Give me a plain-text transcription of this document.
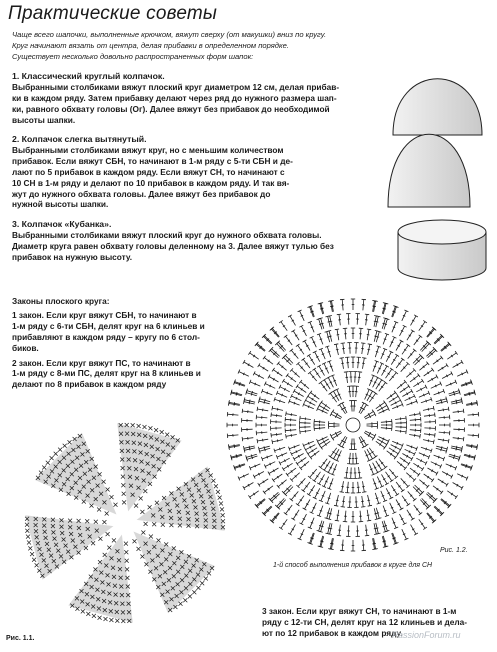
Практические советы
Чаще всего шапочки, выполненные крючком, вяжут сверху (от макушки) вниз по кругу.
Круг начинают вязать от центра, делая прибавки в определенном порядке.
Существует несколько довольно распространенных форм шапок:
1. Классический круглый колпачок.
Выбранными столбиками вяжут плоский круг диаметром 12 см, делая прибав-
ки в каждом ряду. Затем прибавку делают через ряд до нужного размера шап-
ки, равного обхвату головы (Ог). Далее вяжут без прибавок до необходимой
высоты шапки.
2. Колпачок слегка вытянутый.
Выбранными столбиками вяжут круг, но с меньшим количеством
прибавок. Если вяжут СБН, то начинают в 1-м ряду с 5-ти СБН и де-
лают по 5 прибавок в каждом ряду. Если вяжут СН, то начинают с
10 СН в 1-м ряду и делают по 10 прибавок в каждом ряду. И так вя-
жут до нужного обхвата головы. Далее вяжут без прибавок до
нужной высоты шапки.
3. Колпачок «Кубанка».
Выбранными столбиками вяжут плоский круг до нужного обхвата головы.
Диаметр круга равен обхвату головы деленному на 3. Далее вяжут тулью без
прибавок на нужную высоту.
Законы плоского круга:
1 закон. Если круг вяжут СБН, то начинают в
1-м ряду с 6-ти СБН, делят круг на 6 клиньев и
прибавляют в каждом ряду – кругу по 6 стол-
биков.
2 закон. Если круг вяжут ПС, то начинают в
1-м ряду с 8-ми ПС, делят круг на 8 клиньев и
делают по 8 прибавок в каждом ряду
3 закон. Если круг вяжут СН, то начинают в 1-м
ряду с 12-ти СН, делят круг на 12 клиньев и дела-
ют по 12 прибавок в каждом ряду.
Рис. 1.2.
1-й способ выполнения прибавок в круге для СН
Рис. 1.1.	PassionForum.ru
